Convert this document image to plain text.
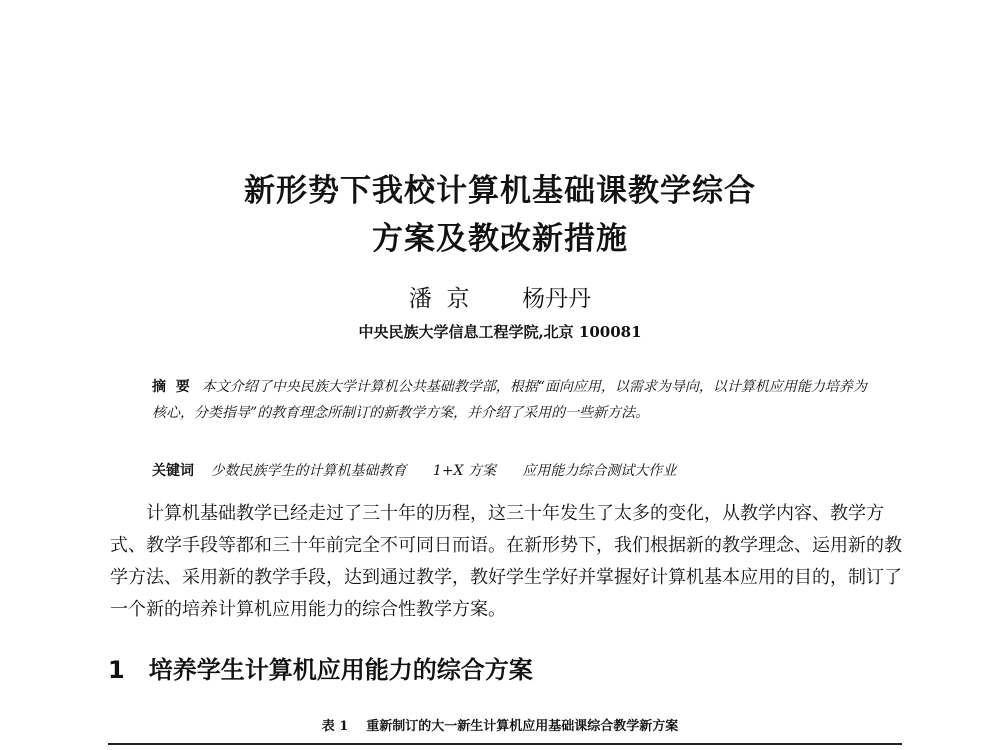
新形势下我校计算机基础课教学综合
方案及教改新措施
潘  京 杨丹丹
中央民族大学信息工程学院,北京 100081
摘  要 本文介绍了中央民族大学计算机公共基础教学部，根据“面向应用，以需求为导向，以计算机应用能力培养为核心，分类指导”的教育理念所制订的新教学方案，并介绍了采用的一些新方法。
关键词 少数民族学生的计算机基础教育 1+X 方案 应用能力综合测试大作业
计算机基础教学已经走过了三十年的历程，这三十年发生了太多的变化，从教学内容、教学方式、教学手段等都和三十年前完全不可同日而语。在新形势下，我们根据新的教学理念、运用新的教学方法、采用新的教学手段，达到通过教学，教好学生学好并掌握好计算机基本应用的目的，制订了一个新的培养计算机应用能力的综合性教学方案。
1 培养学生计算机应用能力的综合方案
表 1 重新制订的大一新生计算机应用基础课综合教学新方案
